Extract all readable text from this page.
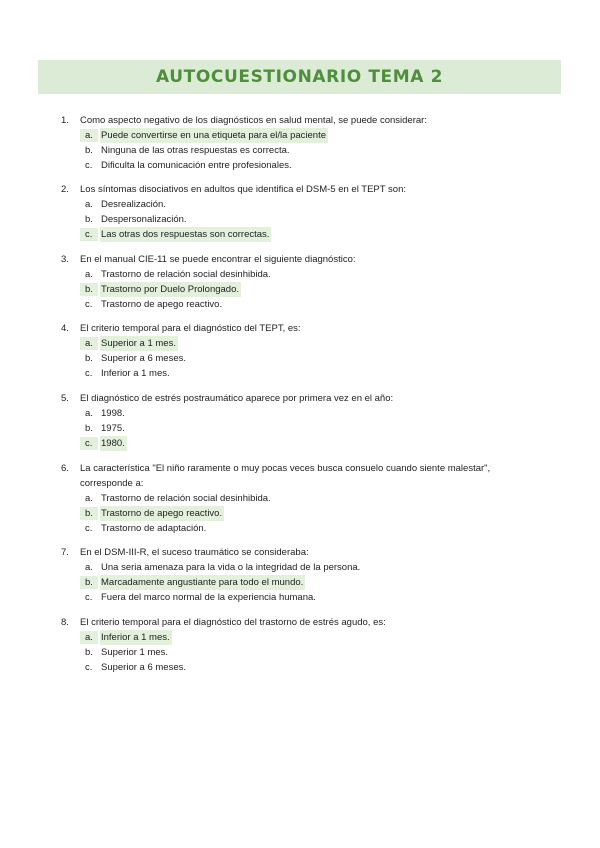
AUTOCUESTIONARIO TEMA 2
1. Como aspecto negativo de los diagnósticos en salud mental, se puede considerar:
a. Puede convertirse en una etiqueta para el/la paciente
b. Ninguna de las otras respuestas es correcta.
c. Dificulta la comunicación entre profesionales.
2. Los síntomas disociativos en adultos que identifica el DSM-5 en el TEPT son:
a. Desrealización.
b. Despersonalización.
c. Las otras dos respuestas son correctas.
3. En el manual CIE-11 se puede encontrar el siguiente diagnóstico:
a. Trastorno de relación social desinhibida.
b. Trastorno por Duelo Prolongado.
c. Trastorno de apego reactivo.
4. El criterio temporal para el diagnóstico del TEPT, es:
a. Superior a 1 mes.
b. Superior a 6 meses.
c. Inferior a 1 mes.
5. El diagnóstico de estrés postraumático aparece por primera vez en el año:
a. 1998.
b. 1975.
c. 1980.
6. La característica "El niño raramente o muy pocas veces busca consuelo cuando siente malestar", corresponde a:
a. Trastorno de relación social desinhibida.
b. Trastorno de apego reactivo.
c. Trastorno de adaptación.
7. En el DSM-III-R, el suceso traumático se consideraba:
a. Una seria amenaza para la vida o la integridad de la persona.
b. Marcadamente angustiante para todo el mundo.
c. Fuera del marco normal de la experiencia humana.
8. El criterio temporal para el diagnóstico del trastorno de estrés agudo, es:
a. Inferior a 1 mes.
b. Superior 1 mes.
c. Superior a 6 meses.
